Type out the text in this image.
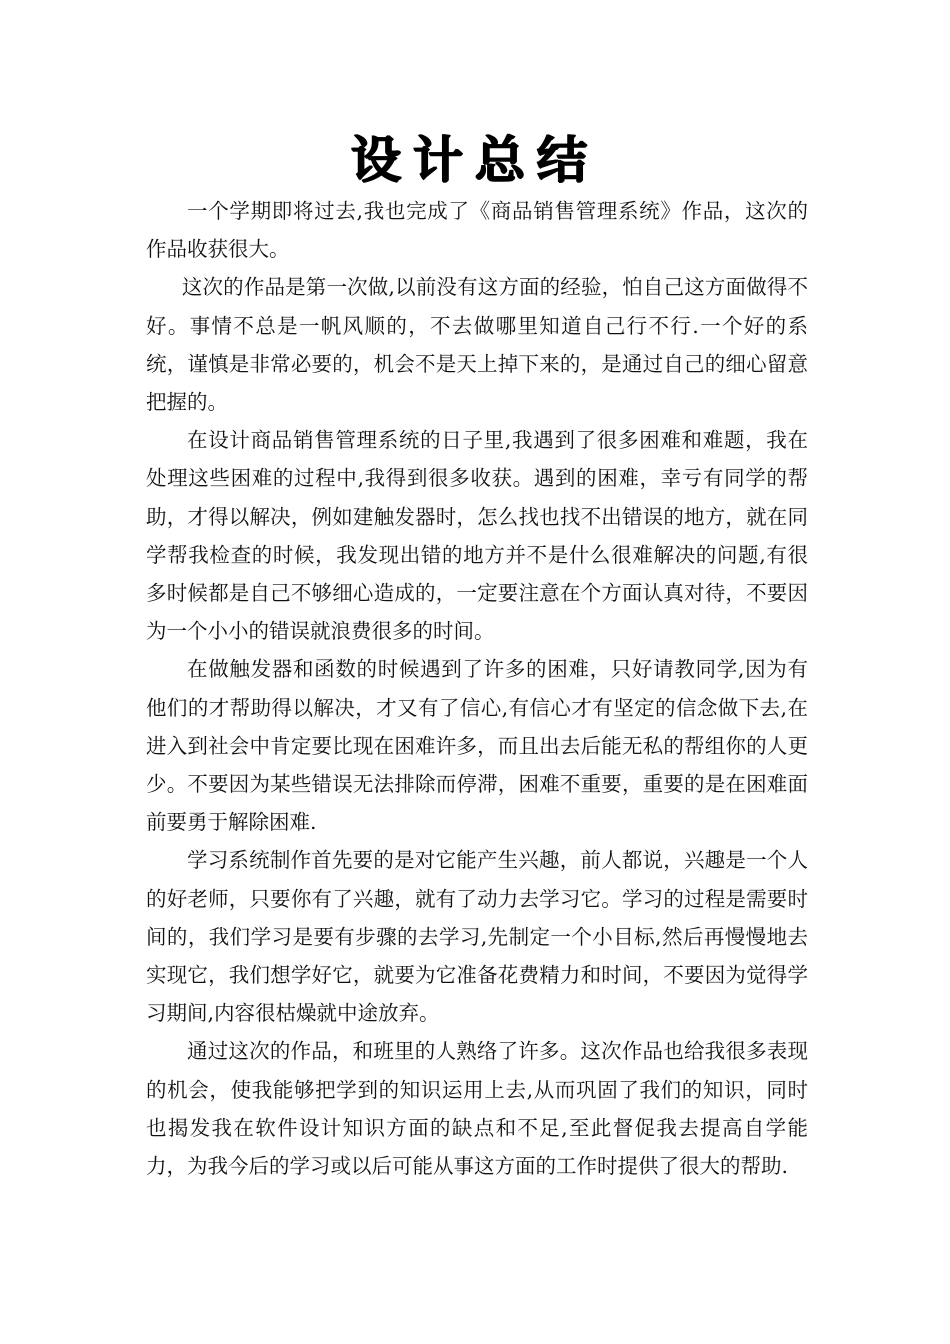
设计总结

一个学期即将过去,我也完成了《商品销售管理系统》作品，这次的作品收获很大。

这次的作品是第一次做,以前没有这方面的经验，怕自己这方面做得不好。事情不总是一帆风顺的，不去做哪里知道自己行不行.一个好的系统，谨慎是非常必要的，机会不是天上掉下来的，是通过自己的细心留意把握的。

在设计商品销售管理系统的日子里,我遇到了很多困难和难题，我在处理这些困难的过程中,我得到很多收获。遇到的困难，幸亏有同学的帮助，才得以解决，例如建触发器时，怎么找也找不出错误的地方，就在同学帮我检查的时候，我发现出错的地方并不是什么很难解决的问题,有很多时候都是自己不够细心造成的，一定要注意在个方面认真对待，不要因为一个小小的错误就浪费很多的时间。

在做触发器和函数的时候遇到了许多的困难，只好请教同学,因为有他们的才帮助得以解决，才又有了信心,有信心才有坚定的信念做下去,在进入到社会中肯定要比现在困难许多，而且出去后能无私的帮组你的人更少。不要因为某些错误无法排除而停滞，困难不重要，重要的是在困难面前要勇于解除困难.

学习系统制作首先要的是对它能产生兴趣，前人都说，兴趣是一个人的好老师，只要你有了兴趣，就有了动力去学习它。学习的过程是需要时间的，我们学习是要有步骤的去学习,先制定一个小目标,然后再慢慢地去实现它，我们想学好它，就要为它准备花费精力和时间，不要因为觉得学习期间,内容很枯燥就中途放弃。

通过这次的作品，和班里的人熟络了许多。这次作品也给我很多表现的机会，使我能够把学到的知识运用上去,从而巩固了我们的知识，同时也揭发我在软件设计知识方面的缺点和不足,至此督促我去提高自学能力，为我今后的学习或以后可能从事这方面的工作时提供了很大的帮助.
